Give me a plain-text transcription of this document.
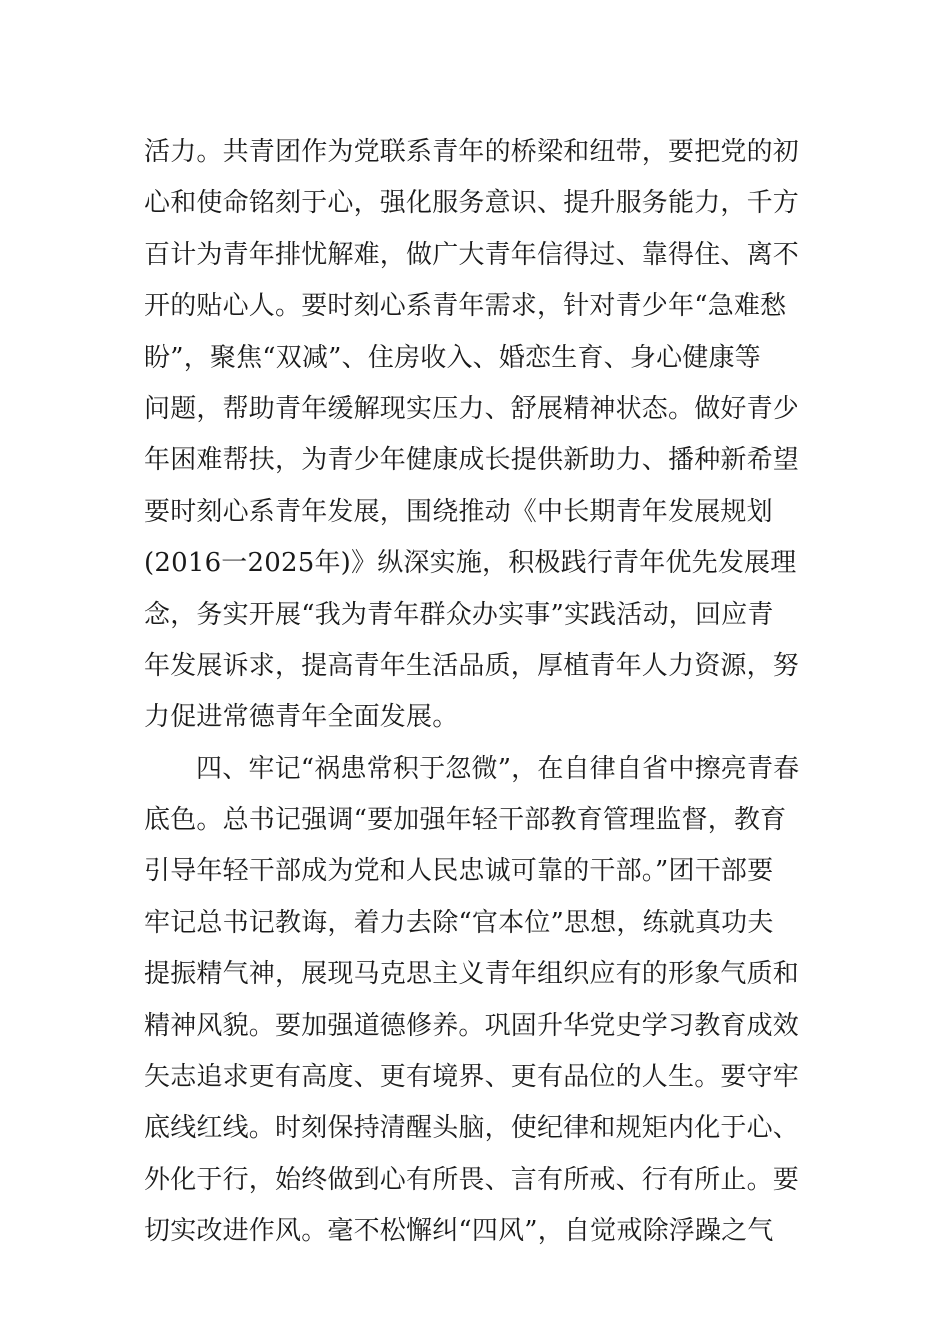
活力。共青团作为党联系青年的桥梁和纽带，要把党的初
心和使命铭刻于心，强化服务意识、提升服务能力，千方
百计为青年排忧解难，做广大青年信得过、靠得住、离不
开的贴心人。要时刻心系青年需求，针对青少年“急难愁
盼”，聚焦“双减”、住房收入、婚恋生育、身心健康等
问题，帮助青年缓解现实压力、舒展精神状态。做好青少
年困难帮扶，为青少年健康成长提供新助力、播种新希望
要时刻心系青年发展，围绕推动《中长期青年发展规划
(2016一2025年)》纵深实施，积极践行青年优先发展理
念，务实开展“我为青年群众办实事”实践活动，回应青
年发展诉求，提高青年生活品质，厚植青年人力资源，努
力促进常德青年全面发展。
四、牢记“祸患常积于忽微”，在自律自省中擦亮青春
底色。总书记强调“要加强年轻干部教育管理监督，教育
引导年轻干部成为党和人民忠诚可靠的干部。”团干部要
牢记总书记教诲，着力去除“官本位”思想，练就真功夫
提振精气神，展现马克思主义青年组织应有的形象气质和
精神风貌。要加强道德修养。巩固升华党史学习教育成效
矢志追求更有高度、更有境界、更有品位的人生。要守牢
底线红线。时刻保持清醒头脑，使纪律和规矩内化于心、
外化于行，始终做到心有所畏、言有所戒、行有所止。要
切实改进作风。毫不松懈纠“四风”，自觉戒除浮躁之气
